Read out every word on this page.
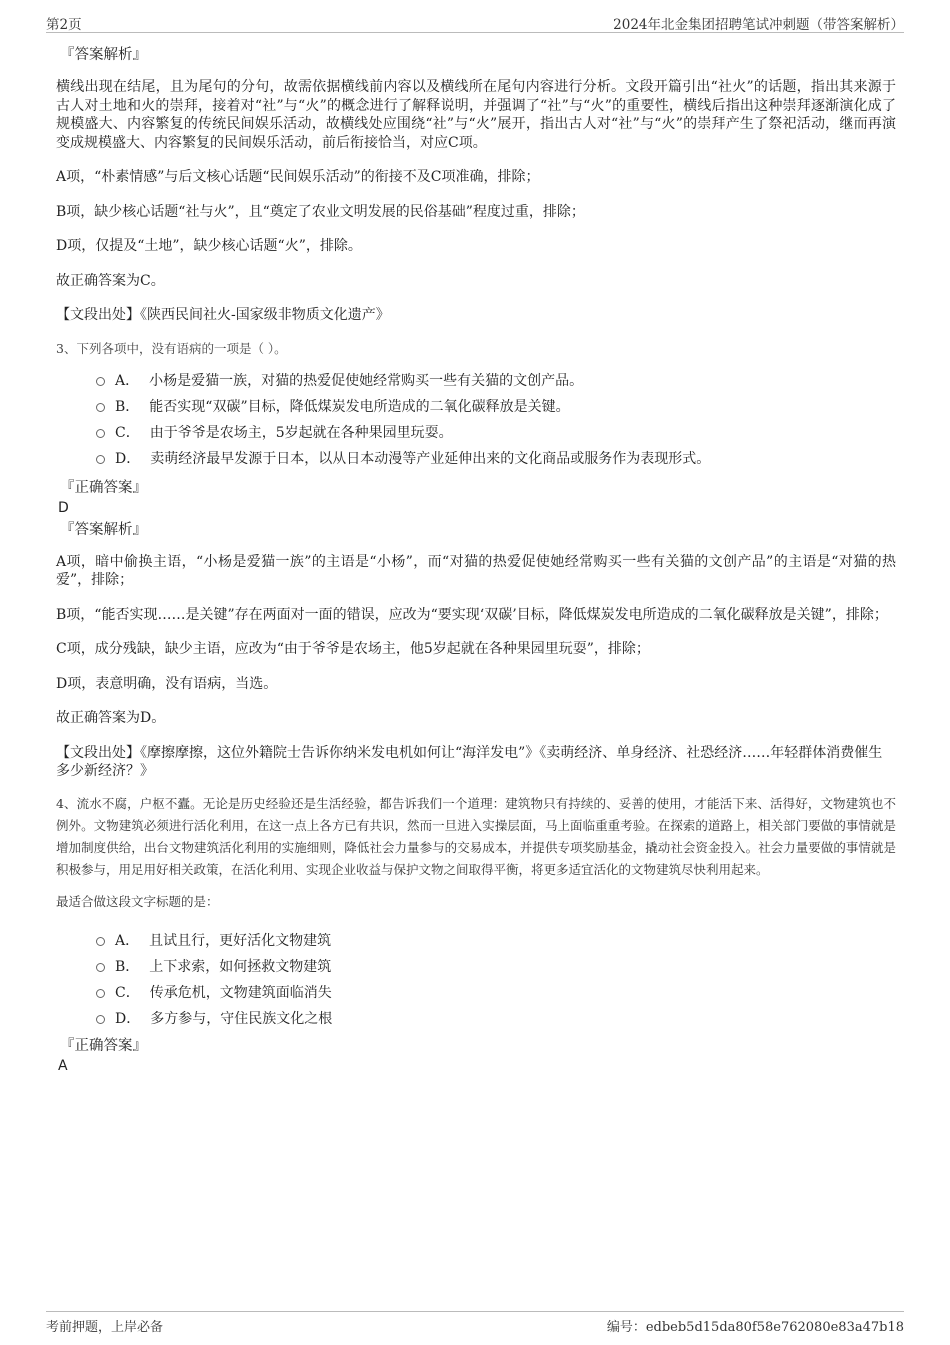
第2页	2024年北金集团招聘笔试冲刺题（带答案解析）
『答案解析』

横线出现在结尾，且为尾句的分句，故需依据横线前内容以及横线所在尾句内容进行分析。文段开篇引出“社火”的话题，指出其来源于古人对土地和火的崇拜，接着对“社”与“火”的概念进行了解释说明，并强调了“社”与“火”的重要性，横线后指出这种崇拜逐渐演化成了规模盛大、内容繁复的传统民间娱乐活动，故横线处应围绕“社”与“火”展开，指出古人对“社”与“火”的崇拜产生了祭祀活动，继而再演变成规模盛大、内容繁复的民间娱乐活动，前后衔接恰当，对应C项。

A项，“朴素情感”与后文核心话题“民间娱乐活动”的衔接不及C项准确，排除；

B项，缺少核心话题“社与火”，且“奠定了农业文明发展的民俗基础”程度过重，排除；

D项，仅提及“土地”，缺少核心话题“火”，排除。

故正确答案为C。

【文段出处】《陕西民间社火-国家级非物质文化遗产》

3、下列各项中，没有语病的一项是（ ）。

A． 小杨是爱猫一族，对猫的热爱促使她经常购买一些有关猫的文创产品。
B． 能否实现“双碳”目标，降低煤炭发电所造成的二氧化碳释放是关键。
C． 由于爷爷是农场主，5岁起就在各种果园里玩耍。
D． 卖萌经济最早发源于日本，以从日本动漫等产业延伸出来的文化商品或服务作为表现形式。
『正确答案』

D

『答案解析』

A项，暗中偷换主语，“小杨是爱猫一族”的主语是“小杨”，而“对猫的热爱促使她经常购买一些有关猫的文创产品”的主语是“对猫的热爱”，排除；

B项，“能否实现……是关键”存在两面对一面的错误，应改为“要实现‘双碳’目标，降低煤炭发电所造成的二氧化碳释放是关键”，排除；

C项，成分残缺，缺少主语，应改为“由于爷爷是农场主，他5岁起就在各种果园里玩耍”，排除；

D项，表意明确，没有语病，当选。

故正确答案为D。

【文段出处】《摩擦摩擦，这位外籍院士告诉你纳米发电机如何让“海洋发电”》《卖萌经济、单身经济、社恐经济……年轻群体消费催生多少新经济？》

4、流水不腐，户枢不蠹。无论是历史经验还是生活经验，都告诉我们一个道理：建筑物只有持续的、妥善的使用，才能活下来、活得好，文物建筑也不例外。文物建筑必须进行活化利用，在这一点上各方已有共识，然而一旦进入实操层面，马上面临重重考验。在探索的道路上，相关部门要做的事情就是增加制度供给，出台文物建筑活化利用的实施细则，降低社会力量参与的交易成本，并提供专项奖励基金，撬动社会资金投入。社会力量要做的事情就是积极参与，用足用好相关政策，在活化利用、实现企业收益与保护文物之间取得平衡，将更多适宜活化的文物建筑尽快利用起来。

最适合做这段文字标题的是：

A． 且试且行，更好活化文物建筑
B． 上下求索，如何拯救文物建筑
C． 传承危机，文物建筑面临消失
D． 多方参与，守住民族文化之根
『正确答案』

A

考前押题，上岸必备	编号：edbeb5d15da80f58e762080e83a47b18
